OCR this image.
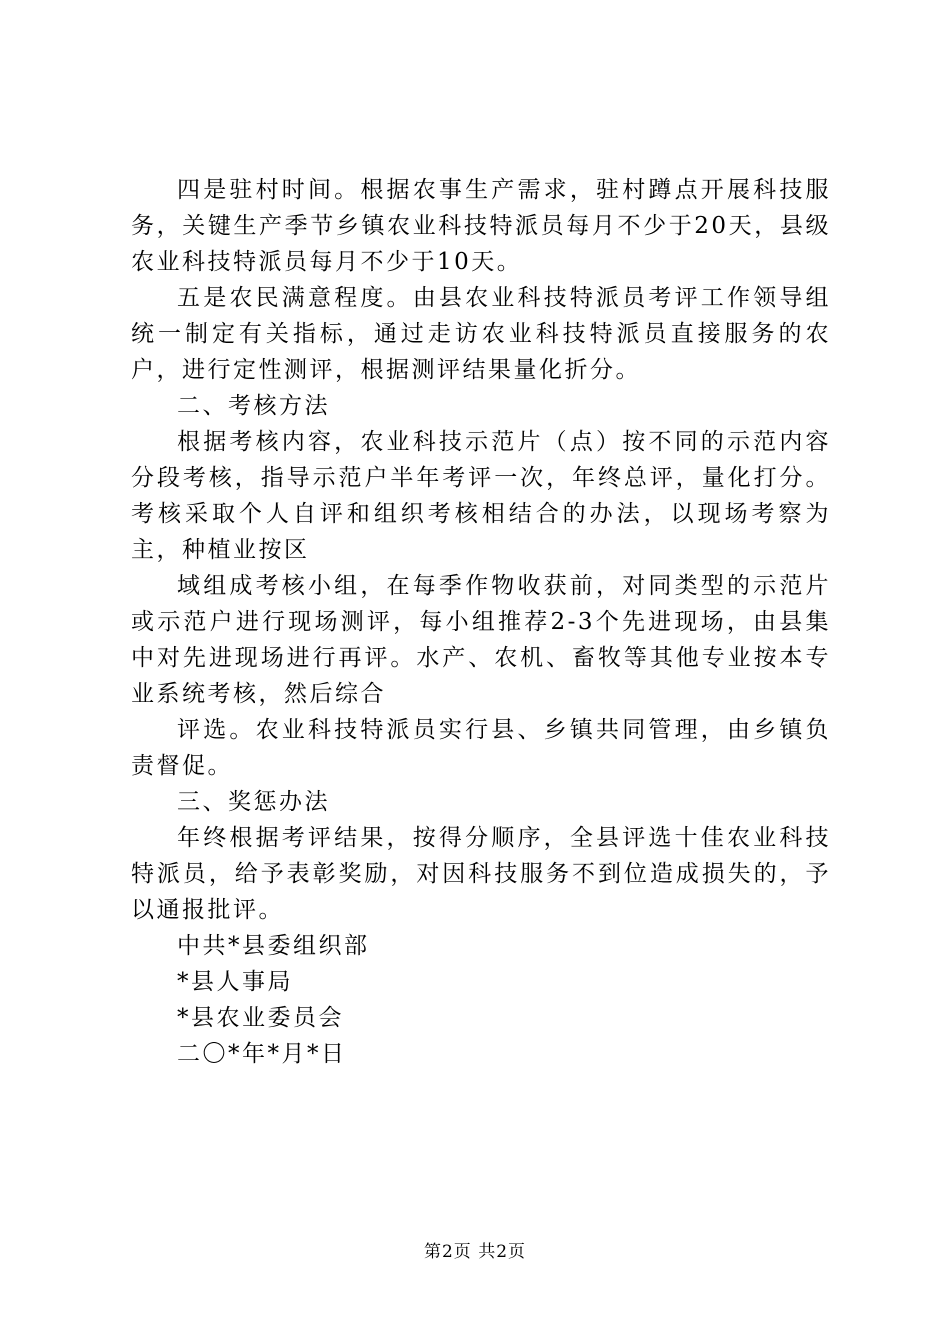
四是驻村时间。根据农事生产需求，驻村蹲点开展科技服务，关键生产季节乡镇农业科技特派员每月不少于20天，县级农业科技特派员每月不少于10天。

五是农民满意程度。由县农业科技特派员考评工作领导组统一制定有关指标，通过走访农业科技特派员直接服务的农户，进行定性测评，根据测评结果量化折分。

二、考核方法

根据考核内容，农业科技示范片（点）按不同的示范内容分段考核，指导示范户半年考评一次，年终总评，量化打分。考核采取个人自评和组织考核相结合的办法，以现场考察为主，种植业按区

域组成考核小组，在每季作物收获前，对同类型的示范片或示范户进行现场测评，每小组推荐2-3个先进现场，由县集中对先进现场进行再评。水产、农机、畜牧等其他专业按本专业系统考核，然后综合

评选。农业科技特派员实行县、乡镇共同管理，由乡镇负责督促。

三、奖惩办法

年终根据考评结果，按得分顺序，全县评选十佳农业科技特派员，给予表彰奖励，对因科技服务不到位造成损失的，予以通报批评。

中共*县委组织部

*县人事局

*县农业委员会

二〇*年*月*日

第2页 共2页
